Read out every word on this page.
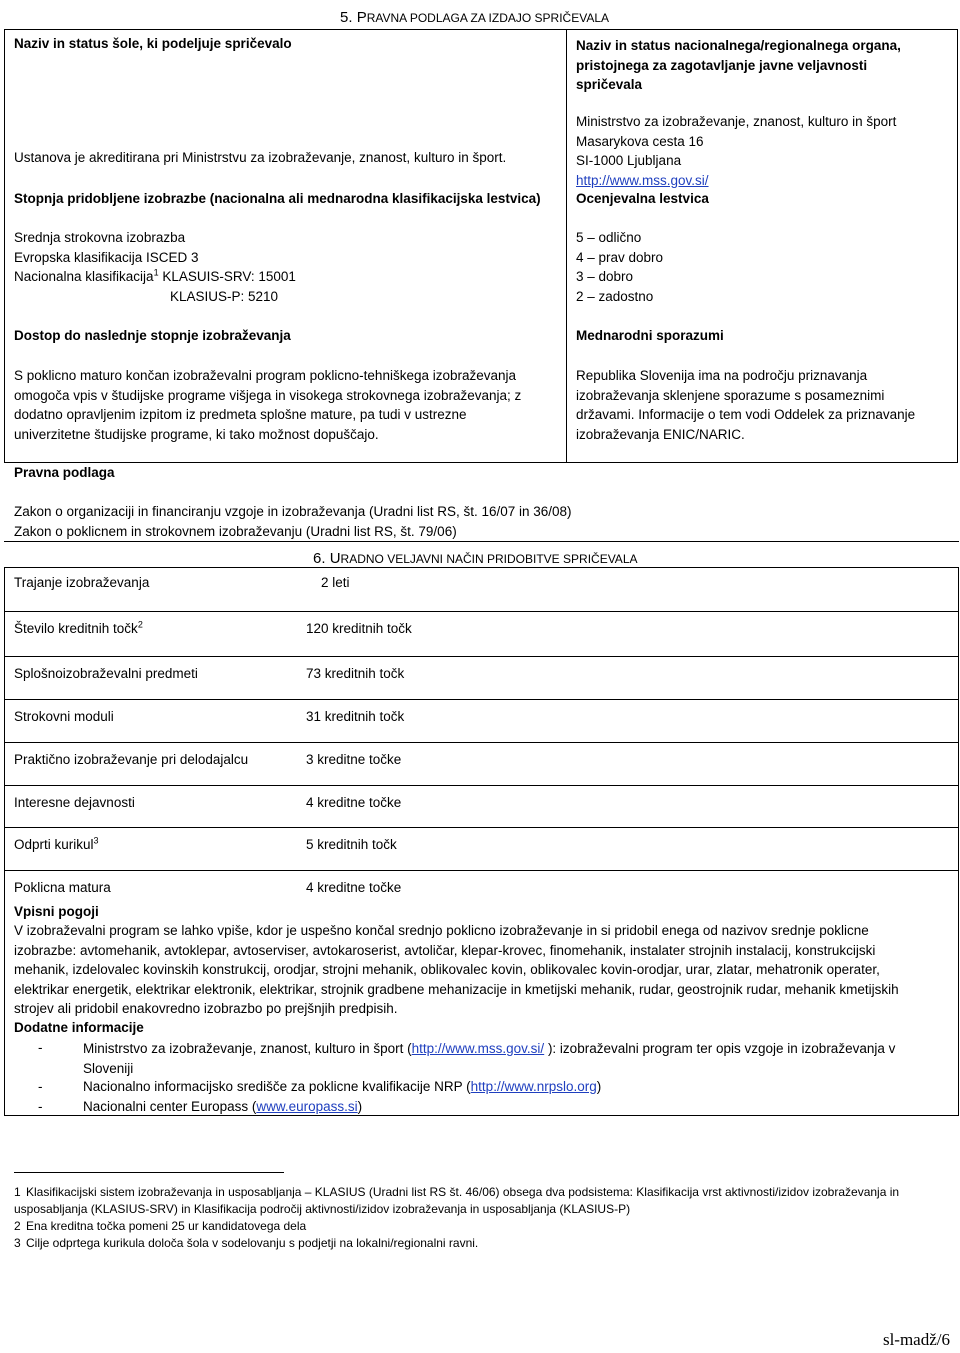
5. PRAVNA PODLAGA ZA IZDAJO SPRIČEVALA
Naziv in status šole, ki podeljuje spričevalo
Ustanova je akreditirana pri Ministrstvu za izobraževanje, znanost, kulturo in šport.
Stopnja pridobljene izobrazbe (nacionalna ali mednarodna klasifikacijska lestvica)
Srednja strokovna izobrazba
Evropska klasifikacija ISCED 3
Nacionalna klasifikacija$^1$ KLASUIS-SRV: 15001
KLASIUS-P: 5210
Dostop do naslednje stopnje izobraževanja
S poklicno maturo končan izobraževalni program poklicno-tehniškega izobraževanja
omogoča vpis v študijske programe višjega in visokega strokovnega izobraževanja; z
dodatno opravljenim izpitom iz predmeta splošne mature, pa tudi v ustrezne
univerzitetne študijske programe, ki tako možnost dopuščajo.
Naziv in status nacionalnega/regionalnega organa,
pristojnega za zagotavljanje javne veljavnosti
spričevala
Ministrstvo za izobraževanje, znanost, kulturo in šport
Masarykova cesta 16
SI-1000 Ljubljana
http://www.mss.gov.si/
Ocenjevalna lestvica
5 – odlično
4 – prav dobro
3 – dobro
2 – zadostno
Mednarodni sporazumi
Republika Slovenija ima na področju priznavanja
izobraževanja sklenjene sporazume s posameznimi
državami. Informacije o tem vodi Oddelek za priznavanje
izobraževanja ENIC/NARIC.
Pravna podlaga
Zakon o organizaciji in financiranju vzgoje in izobraževanja (Uradni list RS, št. 16/07 in 36/08)
Zakon o poklicnem in strokovnem izobraževanju (Uradni list RS, št. 79/06)
6. URADNO VELJAVNI NAČIN PRIDOBITVE SPRIČEVALA
Trajanje izobraževanja	2 leti
Število kreditnih točk$^2$	120 kreditnih točk
Splošnoizobraževalni predmeti	73 kreditnih točk
Strokovni moduli	31 kreditnih točk
Praktično izobraževanje pri delodajalcu	3 kreditne točke
Interesne dejavnosti	4 kreditne točke
Odprti kurikul$^3$	5 kreditnih točk
Poklicna matura	4 kreditne točke
Vpisni pogoji
V izobraževalni program se lahko vpiše, kdor je uspešno končal srednjo poklicno izobraževanje in si pridobil enega od nazivov srednje poklicne
izobrazbe: avtomehanik, avtoklepar, avtoserviser, avtokaroserist, avtoličar, klepar-krovec, finomehanik, instalater strojnih instalacij, konstrukcijski
mehanik, izdelovalec kovinskih konstrukcij, orodjar, strojni mehanik, oblikovalec kovin, oblikovalec kovin-orodjar, urar, zlatar, mehatronik operater,
elektrikar energetik, elektrikar elektronik, elektrikar, strojnik gradbene mehanizacije in kmetijski mehanik, rudar, geostrojnik rudar, mehanik kmetijskih
strojev ali pridobil enakovredno izobrazbo po prejšnjih predpisih.
Dodatne informacije
-	Ministrstvo za izobraževanje, znanost, kulturo in šport (http://www.mss.gov.si/ ): izobraževalni program ter opis vzgoje in izobraževanja v
Sloveniji
-	Nacionalno informacijsko središče za poklicne kvalifikacije NRP (http://www.nrpslo.org)
-	Nacionalni center Europass (www.europass.si)
1 Klasifikacijski sistem izobraževanja in usposabljanja – KLASIUS (Uradni list RS št. 46/06) obsega dva podsistema: Klasifikacija vrst aktivnosti/izidov izobraževanja in
usposabljanja (KLASIUS-SRV) in Klasifikacija področij aktivnosti/izidov izobraževanja in usposabljanja (KLASIUS-P)
2 Ena kreditna točka pomeni 25 ur kandidatovega dela
3 Cilje odprtega kurikula določa šola v sodelovanju s podjetji na lokalni/regionalni ravni.
sl-madž/6
